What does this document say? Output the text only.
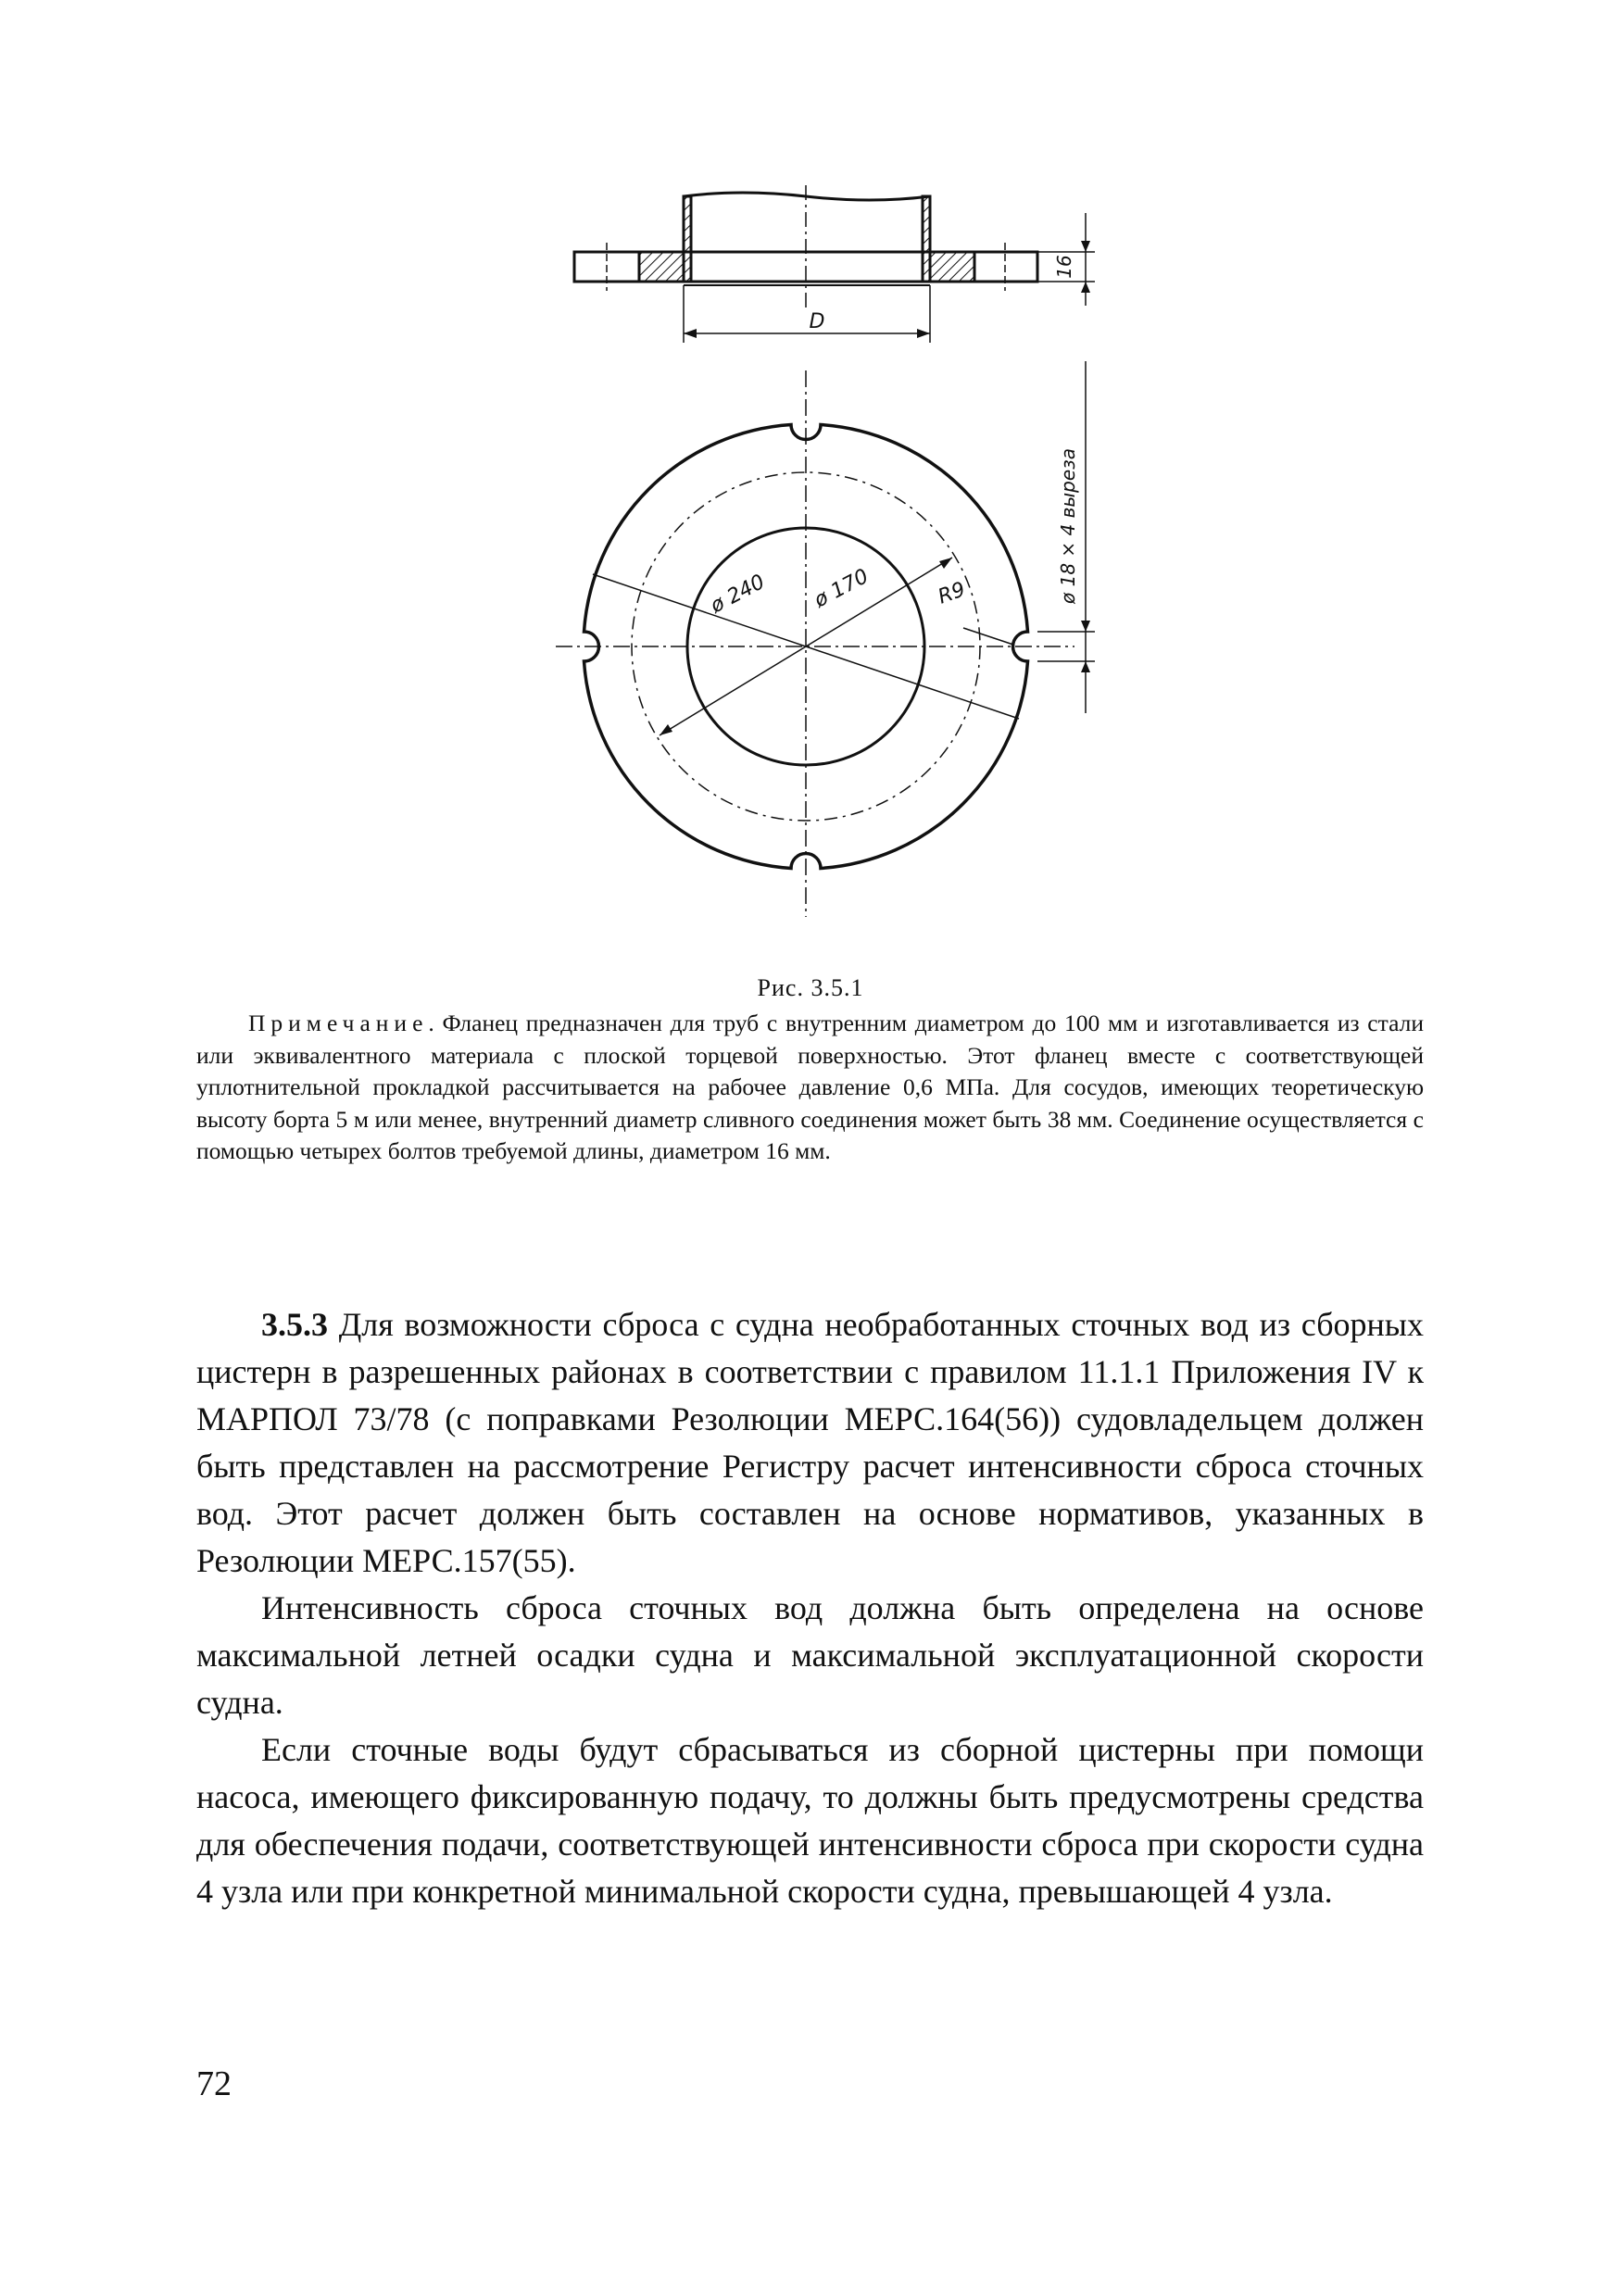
D
16
ø 240 ø 170	R9	ø 18 × 4 выреза
Рис. 3.5.1
Примечание. Фланец предназначен для труб с внутренним диаметром до 100 мм и изготавливается из стали или эквивалентного материала с плоской торцевой поверхностью. Этот фланец вместе с соответствующей уплотнительной прокладкой рассчитывается на рабочее давление 0,6 МПа. Для сосудов, имеющих теоретическую высоту борта 5 м или менее, внутренний диаметр сливного соединения может быть 38 мм. Соединение осуществляется с помощью четырех болтов требуемой длины, диаметром 16 мм.

3.5.3 Для возможности сброса с судна необработанных сточных вод из сборных цистерн в разрешенных районах в соответствии с правилом 11.1.1 Приложения IV к МАРПОЛ 73/78 (с поправками Резолюции МЕРС.164(56)) судовладельцем должен быть представлен на рассмотрение Регистру расчет интенсивности сброса сточных вод. Этот расчет должен быть составлен на основе нормативов, указанных в Резолюции МЕРС.157(55).

Интенсивность сброса сточных вод должна быть определена на основе максимальной летней осадки судна и максимальной эксплуатационной скорости судна.

Если сточные воды будут сбрасываться из сборной цистерны при помощи насоса, имеющего фиксированную подачу, то должны быть предусмотрены средства для обеспечения подачи, соответствующей интенсивности сброса при скорости судна 4 узла или при конкретной минимальной скорости судна, превышающей 4 узла.

72
